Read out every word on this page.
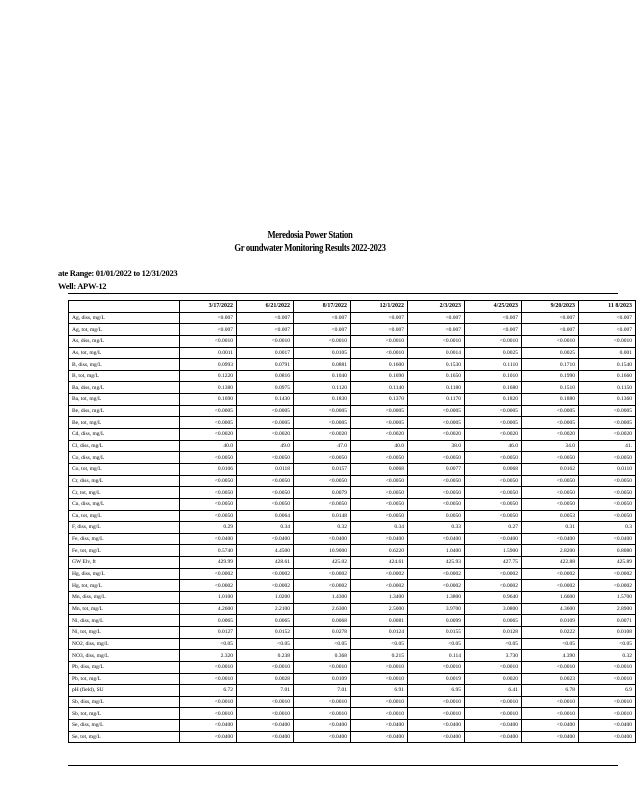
Meredosia Power Station
Gr oundwater Monitoring Results 2022-2023
ate Range: 01/01/2022 to 12/31/2023
Well: APW-12
	3/17/2022	6/21/2022	8/17/2022	12/1/2022	2/3/2023	4/25/2023	9/20/2023	11 8/2023
Ag, diss, mg/L	<0.007	<0.007	<0.007	<0.007	<0.007	<0.007	<0.007	<0.007
Ag, tot, mg/L	<0.007	<0.007	<0.007	<0.007	<0.007	<0.007	<0.007	<0.007
As, diss, mg/L	<0.0010	<0.0010	<0.0010	<0.0010	<0.0010	<0.0010	<0.0010	<0.0010
As, tot, mg/L	0.0011	0.0017	0.0105	<0.0010	0.0014	0.0025	0.0025	0.001
B, diss, mg/L	0.0993	0.0791	0.0881	0.1600	0.1530	0.1110	0.1710	0.1540
B, tot, mg/L	0.1220	0.0816	0.1040	0.1690	0.1650	0.1010	0.1990	0.1660
Ba, diss, mg/L	0.1380	0.0975	0.1120	0.1140	0.1180	0.1680	0.1510	0.1150
Ba, tot, mg/L	0.1690	0.1430	0.1830	0.1370	0.1170	0.1820	0.1880	0.1360
Be, diss, mg/L	<0.0005	<0.0005	<0.0005	<0.0005	<0.0005	<0.0005	<0.0005	<0.0005
Be, tot, mg/L	<0.0005	<0.0005	<0.0005	<0.0005	<0.0005	<0.0005	<0.0005	<0.0005
Cd, diss, mg/L	<0.0020	<0.0020	<0.0020	<0.0020	<0.0020	<0.0020	<0.0020	<0.0020
Cl, diss, mg/L	40.0	49.0	47.0	40.0	38.0	46.0	34.0	41.
Co, diss, mg/L	<0.0050	<0.0050	<0.0050	<0.0050	<0.0050	<0.0050	<0.0050	<0.0050
Co, tot, mg/L	0.0106	0.0118	0.0157	0.0068	0.0077	0.0068	0.0162	0.0110
Cr, diss, mg/L	<0.0050	<0.0050	<0.0050	<0.0050	<0.0050	<0.0050	<0.0050	<0.0050
Cr, tot, mg/L	<0.0050	<0.0050	0.0079	<0.0050	<0.0050	<0.0050	<0.0050	<0.0050
Cu, diss, mg/L	<0.0050	<0.0050	<0.0050	<0.0050	<0.0050	<0.0050	<0.0050	<0.0050
Cu, tot, mg/L	<0.0050	0.0064	0.0148	<0.0050	0.0050	<0.0050	0.0053	<0.0050
F, diss, mg/L	0.29	0.34	0.32	0.34	0.33	0.27	0.31	0.3
Fe, diss, mg/L	<0.0400	<0.0400	<0.0400	<0.0400	<0.0400	<0.0400	<0.0400	<0.0400
Fe, tot, mg/L	0.5740	4.4500	10.9000	0.6220	1.0400	1.5900	2.8200	0.8080
GW Elv, ft	429.99	428.61	425.02	424.61	425.93	427.75	422.88	425.89
Hg, diss, mg/L	<0.0002	<0.0002	<0.0002	<0.0002	<0.0002	<0.0002	<0.0002	<0.0002
Hg, tot, mg/L	<0.0002	<0.0002	<0.0002	<0.0002	<0.0002	<0.0002	<0.0002	<0.0002
Mn, diss, mg/L	1.0100	1.0200	1.4300	1.3400	1.3800	0.9640	1.6600	1.5700
Mn, tot, mg/L	4.2600	2.2100	2.6300	2.5000	3.9700	3.0800	4.3600	2.8900
Ni, diss, mg/L	0.0065	0.0065	0.0068	0.0081	0.0099	0.0065	0.0109	0.0071
Ni, tot, mg/L	0.0127	0.0152	0.0278	0.0124	0.0155	0.0128	0.0222	0.0108
NO2, diss, mg/L	<0.05	<0.05	<0.05	<0.05	<0.05	<0.05	<0.05	<0.05
NO3, diss, mg/L	2.320	0.238	0.368	0.215	0.114	3.730	4.390	0.32
Pb, diss, mg/L	<0.0010	<0.0010	<0.0010	<0.0010	<0.0010	<0.0010	<0.0010	<0.0010
Pb, tot, mg/L	<0.0010	0.0028	0.0109	<0.0010	0.0019	0.0020	0.0023	<0.0010
pH (field), SU	6.72	7.01	7.01	6.91	6.95	6.41	6.78	6.9
Sb, diss, mg/L	<0.0010	<0.0010	<0.0010	<0.0010	<0.0010	<0.0010	<0.0010	<0.0010
Sb, tot, mg/L	<0.0010	<0.0010	<0.0010	<0.0010	<0.0010	<0.0010	<0.0010	<0.0010
Se, diss, mg/L	<0.0400	<0.0400	<0.0400	<0.0400	<0.0400	<0.0400	<0.0400	<0.0400
Se, tot, mg/L	<0.0400	<0.0400	<0.0400	<0.0400	<0.0400	<0.0400	<0.0400	<0.0400
